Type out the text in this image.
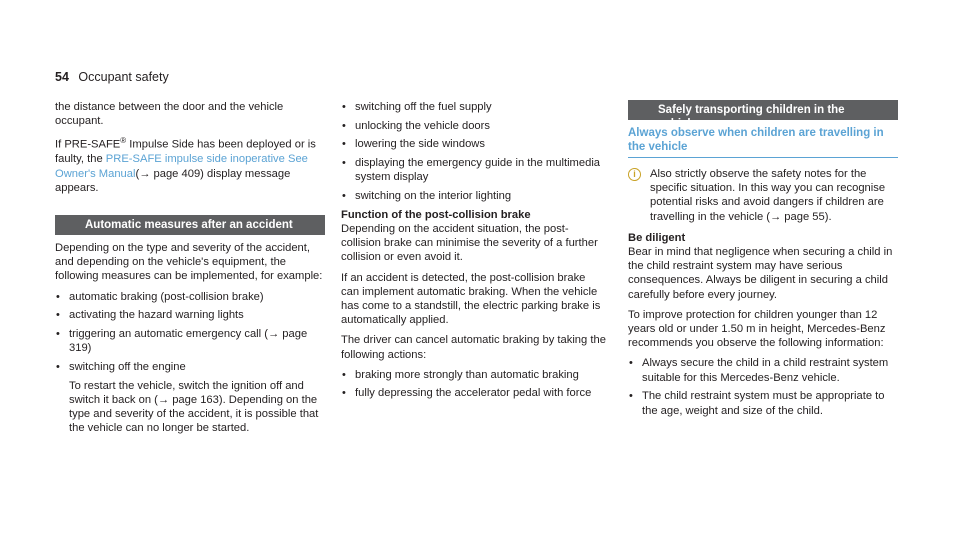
54 Occupant safety

the distance between the door and the vehicle occupant.

If PRE-SAFE® Impulse Side has been deployed or is faulty, the PRE-SAFE impulse side inoperative See Owner's Manual(→ page 409) display message appears.

Automatic measures after an accident

Depending on the type and severity of the accident, and depending on the vehicle's equipment, the following measures can be implemented, for example:

• automatic braking (post-collision brake)
• activating the hazard warning lights
• triggering an automatic emergency call (→ page 319)
• switching off the engine

To restart the vehicle, switch the ignition off and switch it back on (→ page 163). Depending on the type and severity of the accident, it is possible that the vehicle can no longer be started.

• switching off the fuel supply
• unlocking the vehicle doors
• lowering the side windows
• displaying the emergency guide in the multimedia system display
• switching on the interior lighting

Function of the post-collision brake

Depending on the accident situation, the post-collision brake can minimise the severity of a further collision or even avoid it.

If an accident is detected, the post-collision brake can implement automatic braking. When the vehicle has come to a standstill, the electric parking brake is automatically applied.

The driver can cancel automatic braking by taking the following actions:

• braking more strongly than automatic braking
• fully depressing the accelerator pedal with force
Safely transporting children in the vehicle
Always observe when children are travelling in the vehicle
i	Also strictly observe the safety notes for the specific situation. In this way you can recognise potential risks and avoid dangers if children are travelling in the vehicle (→ page 55).

Be diligent

Bear in mind that negligence when securing a child in the child restraint system may have serious consequences. Always be diligent in securing a child carefully before every journey.

To improve protection for children younger than 12 years old or under 1.50 m in height, Mercedes-Benz recommends you observe the following information:

• Always secure the child in a child restraint system suitable for this Mercedes-Benz vehicle.
• The child restraint system must be appropriate to the age, weight and size of the child.
